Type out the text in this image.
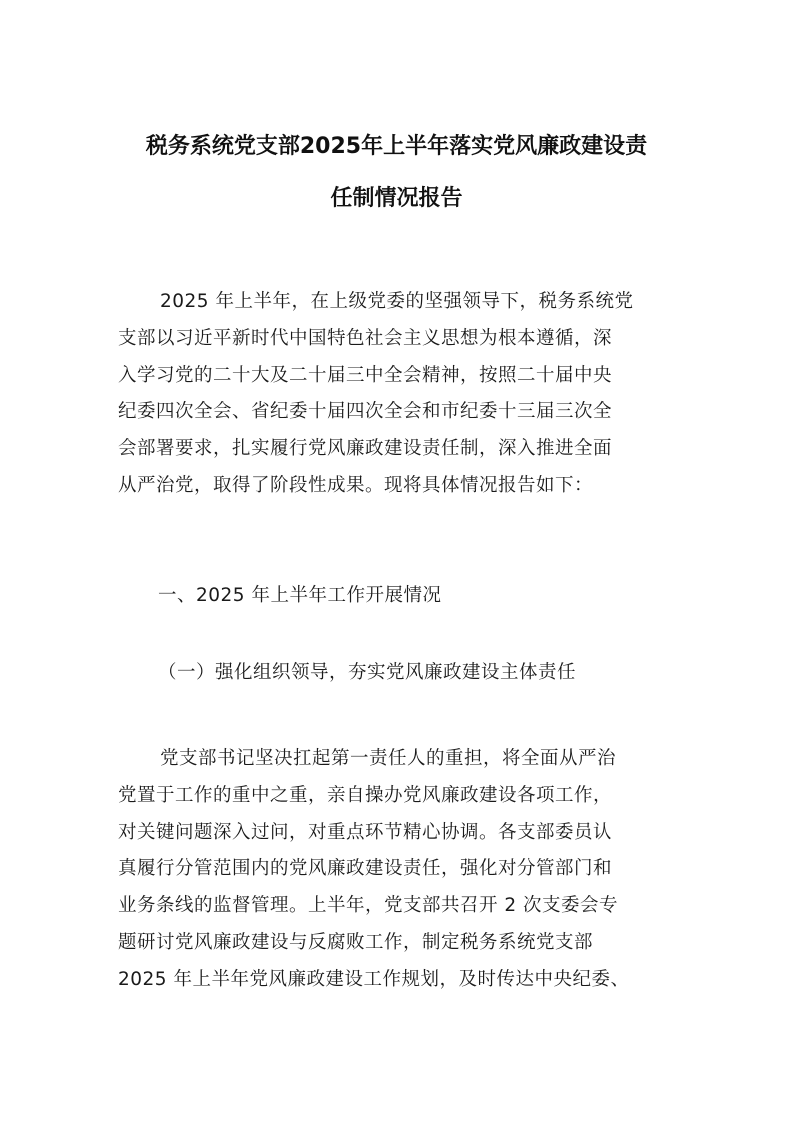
税务系统党支部2025年上半年落实党风廉政建设责
任制情况报告
2025 年上半年，在上级党委的坚强领导下，税务系统党
支部以习近平新时代中国特色社会主义思想为根本遵循，深
入学习党的二十大及二十届三中全会精神，按照二十届中央
纪委四次全会、省纪委十届四次全会和市纪委十三届三次全
会部署要求，扎实履行党风廉政建设责任制，深入推进全面
从严治党，取得了阶段性成果。现将具体情况报告如下：
一、2025 年上半年工作开展情况
（一）强化组织领导，夯实党风廉政建设主体责任
党支部书记坚决扛起第一责任人的重担，将全面从严治
党置于工作的重中之重，亲自操办党风廉政建设各项工作，
对关键问题深入过问，对重点环节精心协调。各支部委员认
真履行分管范围内的党风廉政建设责任，强化对分管部门和
业务条线的监督管理。上半年，党支部共召开 2 次支委会专
题研讨党风廉政建设与反腐败工作，制定税务系统党支部
2025 年上半年党风廉政建设工作规划，及时传达中央纪委、
